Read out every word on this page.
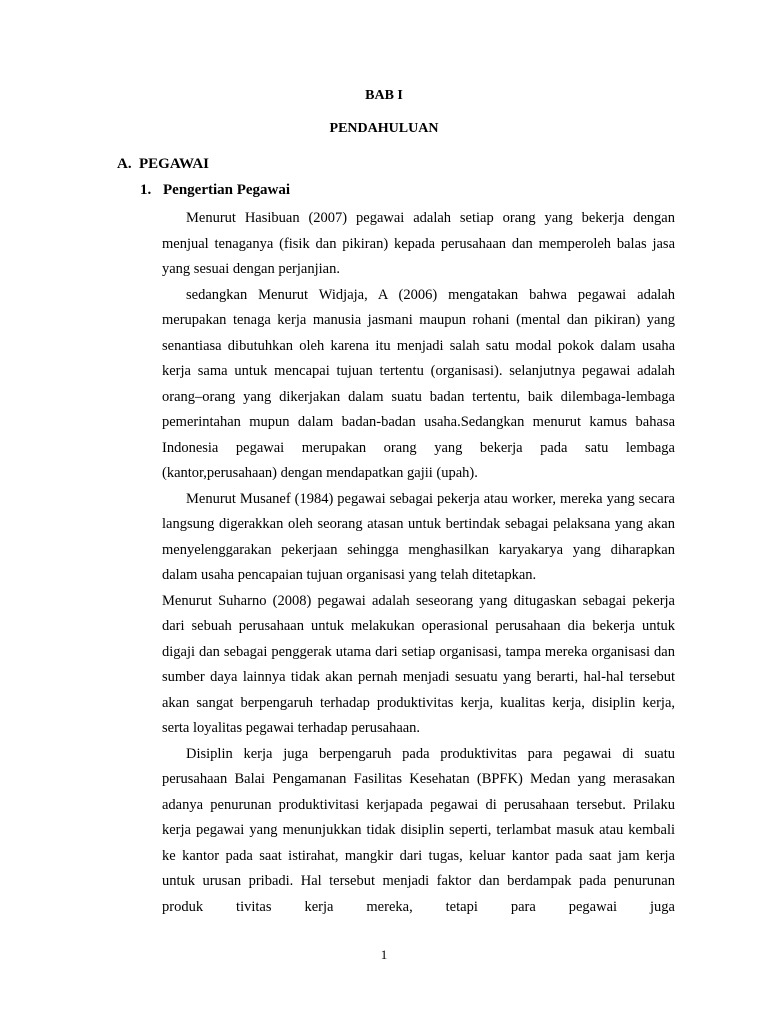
BAB I
PENDAHULUAN
A. PEGAWAI
1. Pengertian Pegawai

Menurut Hasibuan (2007) pegawai adalah setiap orang yang bekerja dengan menjual tenaganya (fisik dan pikiran) kepada perusahaan dan memperoleh balas jasa yang sesuai dengan perjanjian.

sedangkan Menurut Widjaja, A (2006) mengatakan bahwa pegawai adalah merupakan tenaga kerja manusia jasmani maupun rohani (mental dan pikiran) yang senantiasa dibutuhkan oleh karena itu menjadi salah satu modal pokok dalam usaha kerja sama untuk mencapai tujuan tertentu (organisasi). selanjutnya pegawai adalah orang–orang yang dikerjakan dalam suatu badan tertentu, baik dilembaga-lembaga pemerintahan mupun dalam badan-badan usaha.Sedangkan menurut kamus bahasa Indonesia pegawai merupakan orang yang bekerja pada satu lembaga (kantor,perusahaan) dengan mendapatkan gajii (upah).

Menurut Musanef (1984) pegawai sebagai pekerja atau worker, mereka yang secara langsung digerakkan oleh seorang atasan untuk bertindak sebagai pelaksana yang akan menyelenggarakan pekerjaan sehingga menghasilkan karyakarya yang diharapkan dalam usaha pencapaian tujuan organisasi yang telah ditetapkan.

Menurut Suharno (2008) pegawai adalah seseorang yang ditugaskan sebagai pekerja dari sebuah perusahaan untuk melakukan operasional perusahaan dia bekerja untuk digaji dan sebagai penggerak utama dari setiap organisasi, tampa mereka organisasi dan sumber daya lainnya tidak akan pernah menjadi sesuatu yang berarti, hal-hal tersebut akan sangat berpengaruh terhadap produktivitas kerja, kualitas kerja, disiplin kerja, serta loyalitas pegawai terhadap perusahaan.

Disiplin kerja juga berpengaruh pada produktivitas para pegawai di suatu perusahaan Balai Pengamanan Fasilitas Kesehatan (BPFK) Medan yang merasakan adanya penurunan produktivitasi kerjapada pegawai di perusahaan tersebut. Prilaku kerja pegawai yang menunjukkan tidak disiplin seperti, terlambat masuk atau kembali ke kantor pada saat istirahat, mangkir dari tugas, keluar kantor pada saat jam kerja untuk urusan pribadi. Hal tersebut menjadi faktor dan berdampak pada penurunan produk tivitas kerja mereka, tetapi para pegawai juga

1
